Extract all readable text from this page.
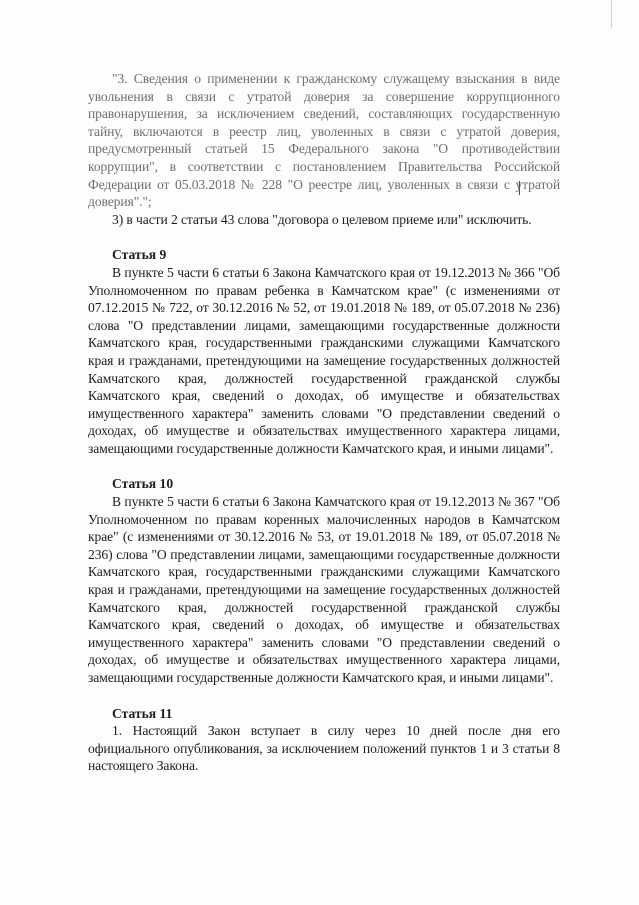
"3. Сведения о применении к гражданскому служащему взыскания в виде увольнения в связи с утратой доверия за совершение коррупционного правонарушения, за исключением сведений, составляющих государственную тайну, включаются в реестр лиц, уволенных в связи с утратой доверия, предусмотренный статьей 15 Федерального закона "О противодействии коррупции", в соответствии с постановлением Правительства Российской Федерации от 05.03.2018 № 228 "О реестре лиц, уволенных в связи с утратой доверия".";

3) в части 2 статьи 43 слова "договора о целевом приеме или" исключить.

Статья 9

В пункте 5 части 6 статьи 6 Закона Камчатского края от 19.12.2013 № 366 "Об Уполномоченном по правам ребенка в Камчатском крае" (с изменениями от 07.12.2015 № 722, от 30.12.2016 № 52, от 19.01.2018 № 189, от 05.07.2018 № 236) слова "О представлении лицами, замещающими государственные должности Камчатского края, государственными гражданскими служащими Камчатского края и гражданами, претендующими на замещение государственных должностей Камчатского края, должностей государственной гражданской службы Камчатского края, сведений о доходах, об имуществе и обязательствах имущественного характера" заменить словами "О представлении сведений о доходах, об имуществе и обязательствах имущественного характера лицами, замещающими государственные должности Камчатского края, и иными лицами".

Статья 10

В пункте 5 части 6 статьи 6 Закона Камчатского края от 19.12.2013 № 367 "Об Уполномоченном по правам коренных малочисленных народов в Камчатском крае" (с изменениями от 30.12.2016 № 53, от 19.01.2018 № 189, от 05.07.2018 № 236) слова "О представлении лицами, замещающими государственные должности Камчатского края, государственными гражданскими служащими Камчатского края и гражданами, претендующими на замещение государственных должностей Камчатского края, должностей государственной гражданской службы Камчатского края, сведений о доходах, об имуществе и обязательствах имущественного характера" заменить словами "О представлении сведений о доходах, об имуществе и обязательствах имущественного характера лицами, замещающими государственные должности Камчатского края, и иными лицами".

Статья 11

1. Настоящий Закон вступает в силу через 10 дней после дня его официального опубликования, за исключением положений пунктов 1 и 3 статьи 8 настоящего Закона.
